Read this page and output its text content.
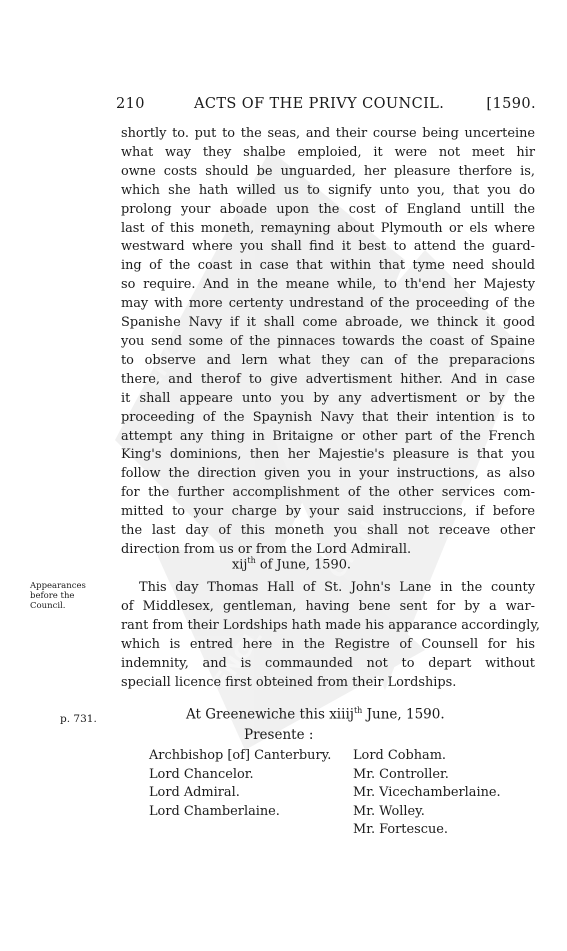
ENG
ONIN
ENGL
210	ACTS OF THE PRIVY COUNCIL.	[1590.
shortly to. put to the seas, and their course being uncerteine
what way they shalbe emploied, it were not meet hir
owne costs should be unguarded, her pleasure therfore is,
which she hath willed us to signify unto you, that you do
prolong your aboade upon the cost of England untill the
last of this moneth, remayning about Plymouth or els where
westward where you shall find it best to attend the guard-
ing of the coast in case that within that tyme need should
so require. And in the meane while, to th'end her Majesty
may with more certenty undrestand of the proceeding of the
Spanishe Navy if it shall come abroade, we thinck it good
you send some of the pinnaces towards the coast of Spaine
to observe and lern what they can of the preparacions
there, and therof to give advertisment hither. And in case
it shall appeare unto you by any advertisment or by the
proceeding of the Spaynish Navy that their intention is to
attempt any thing in Britaigne or other part of the French
King's dominions, then her Majestie's pleasure is that you
follow the direction given you in your instructions, as also
for the further accomplishment of the other services com-
mitted to your charge by your said instruccions, if before
the last day of this moneth you shall not receave other
direction from us or from the Lord Admirall.
xij$^{th}$ of June, 1590.
Appearances
before the
Council.
This day Thomas Hall of St. John's Lane in the county
of Middlesex, gentleman, having bene sent for by a war-
rant from their Lordships hath made his apparance accordingly,
which is entred here in the Registre of Counsell for his
indemnity, and is commaunded not to depart without
speciall licence first obteined from their Lordships.
p. 731.	At Greenewiche this xiiij$^{th}$ June, 1590.
Presente :
Archbishop [of] Canterbury.
Lord Chancelor.
Lord Admiral.
Lord Chamberlaine.
Lord Cobham.
Mr. Controller.
Mr. Vicechamberlaine.
Mr. Wolley.
Mr. Fortescue.
